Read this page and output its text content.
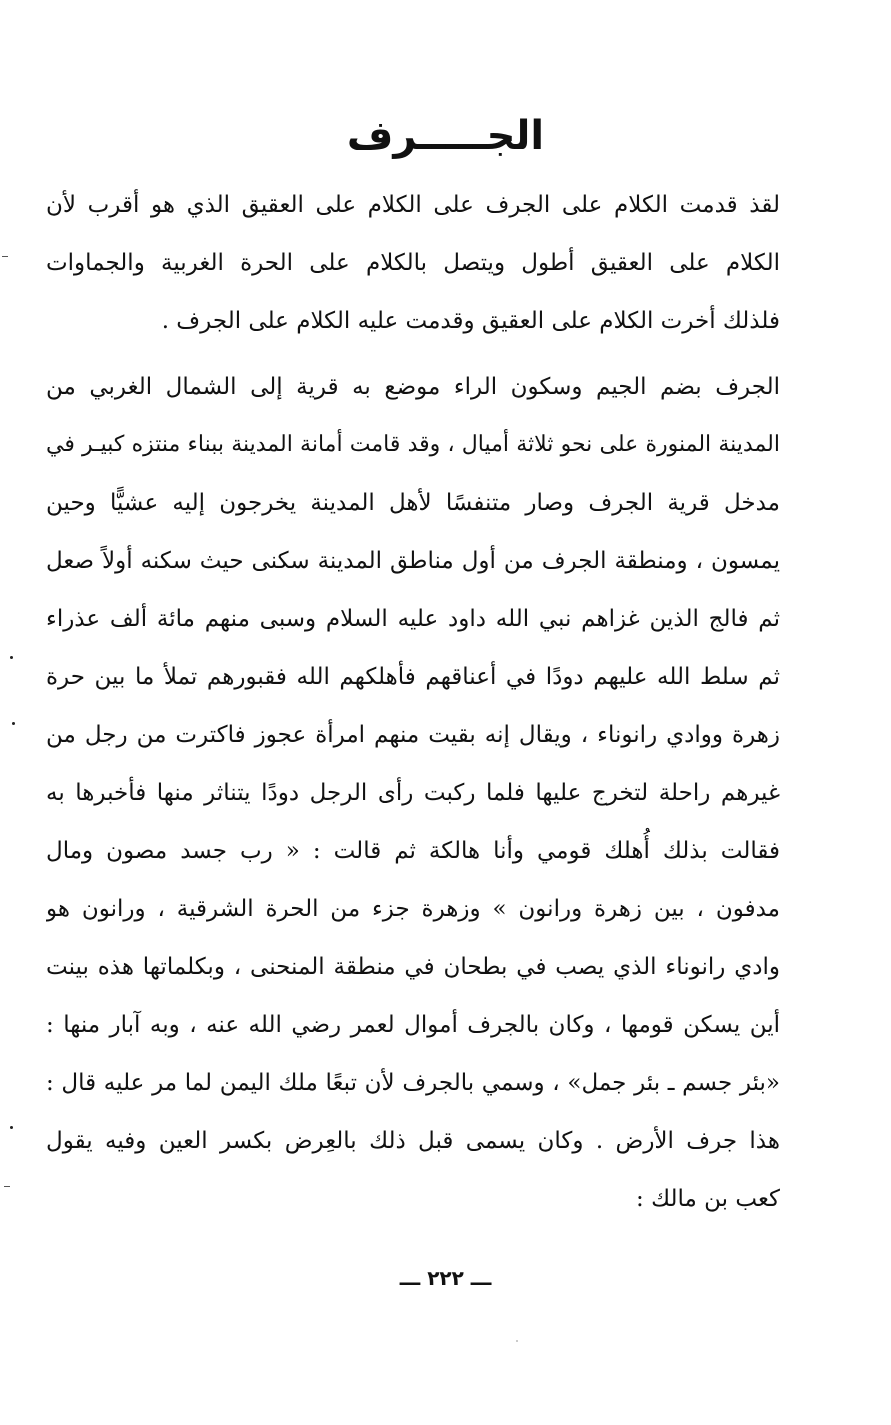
الجـــــرف
لقذ قدمت الكلام على الجرف على الكلام على العقيق الذي هو أقرب لأن
الكلام على العقيق أطول ويتصل بالكلام على الحرة الغربية والجماوات
فلذلك أخرت الكلام على العقيق وقدمت عليه الكلام على الجرف .
الجرف بضم الجيم وسكون الراء موضع به قرية إلى الشمال الغربي من
المدينة المنورة على نحو ثلاثة أميال ، وقد قامت أمانة المدينة ببناء منتزه كبيـر في
مدخل قرية الجرف وصار متنفسًا لأهل المدينة يخرجون إليه عشيًّا وحين
يمسون ، ومنطقة الجرف من أول مناطق المدينة سكنى حيث سكنه أولاً صعل
ثم فالج الذين غزاهم نبي الله داود عليه السلام وسبى منهم مائة ألف عذراء
ثم سلط الله عليهم دودًا في أعناقهم فأهلكهم الله فقبورهم تملأ ما بين حرة
زهرة ووادي رانوناء ، ويقال إنه بقيت منهم امرأة عجوز فاكترت من رجل من
غيرهم راحلة لتخرج عليها فلما ركبت رأى الرجل دودًا يتناثر منها فأخبرها به
فقالت بذلك أُهلك قومي وأنا هالكة ثم قالت : « رب جسد مصون ومال
مدفون ، بين زهرة ورانون » وزهرة جزء من الحرة الشرقية ، ورانون هو
وادي رانوناء الذي يصب في بطحان في منطقة المنحنى ، وبكلماتها هذه بينت
أين يسكن قومها ، وكان بالجرف أموال لعمر رضي الله عنه ، وبه آبار منها :
«بئر جسم ـ بئر جمل» ، وسمي بالجرف لأن تبعًا ملك اليمن لما مر عليه قال :
هذا جرف الأرض . وكان يسمى قبل ذلك بالعِرض بكسر العين وفيه يقول
كعب بن مالك :
ـــ ٢٢٢ ـــ
